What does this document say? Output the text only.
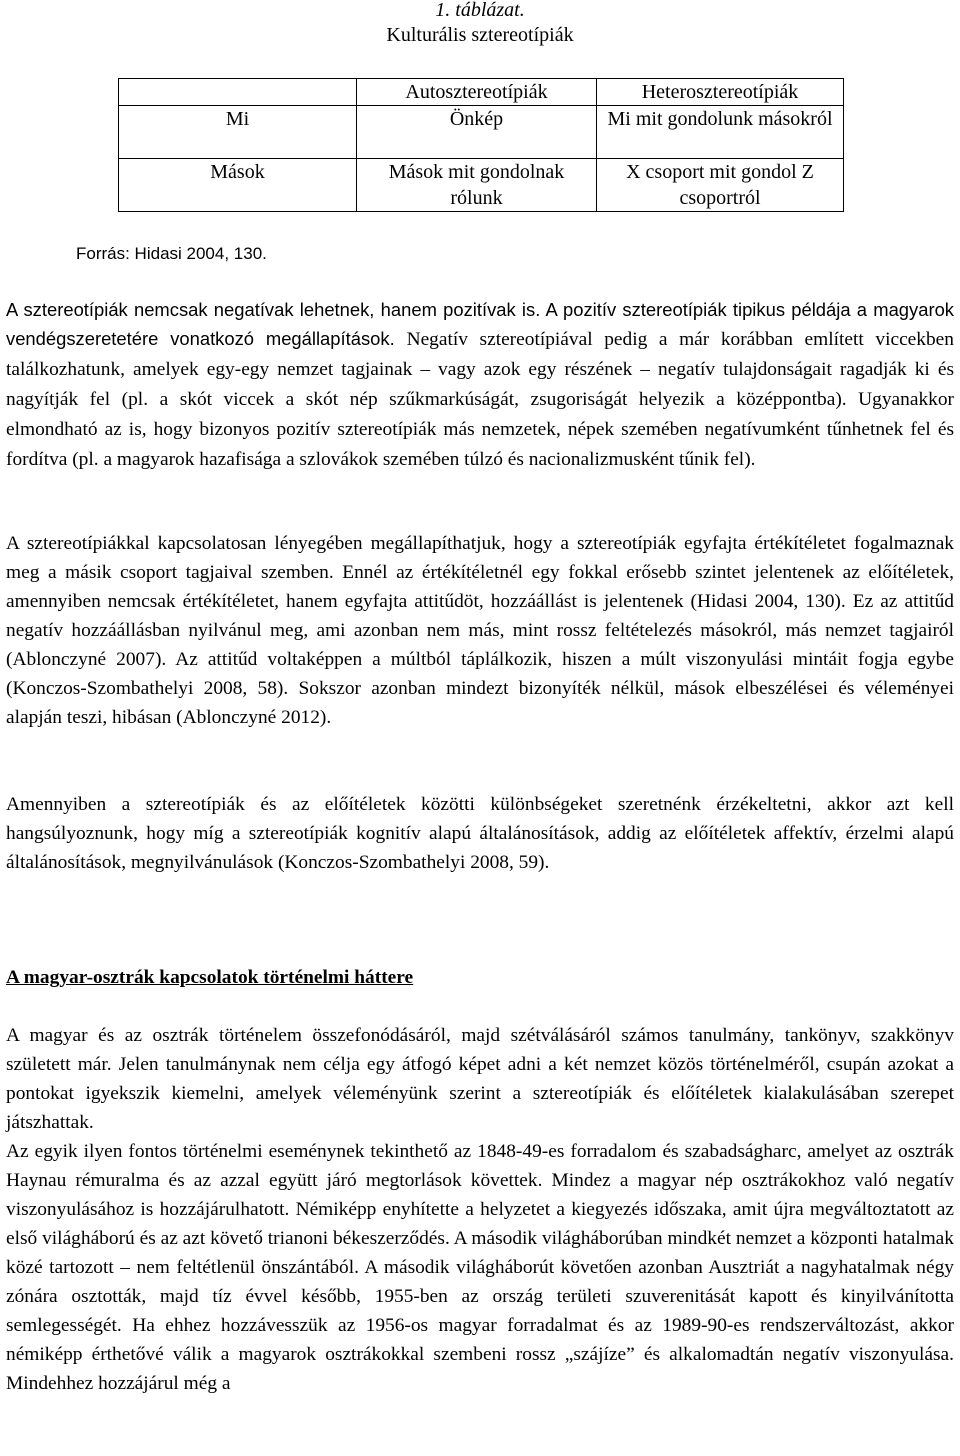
1. táblázat.
Kulturális sztereotípiák
	Autosztereotípiák	Heterosztereotípiák
Mi	Önkép	Mi mit gondolunk másokról
Mások	Mások mit gondolnak rólunk	X csoport mit gondol Z csoportról
Forrás: Hidasi 2004, 130.

A sztereotípiák nemcsak negatívak lehetnek, hanem pozitívak is. A pozitív sztereotípiák tipikus példája a magyarok vendégszeretetére vonatkozó megállapítások. Negatív sztereotípiával pedig a már korábban említett viccekben találkozhatunk, amelyek egy-egy nemzet tagjainak – vagy azok egy részének – negatív tulajdonságait ragadják ki és nagyítják fel (pl. a skót viccek a skót nép szűkmarkúságát, zsugoriságát helyezik a középpontba). Ugyanakkor elmondható az is, hogy bizonyos pozitív sztereotípiák más nemzetek, népek szemében negatívumként tűnhetnek fel és fordítva (pl. a magyarok hazafisága a szlovákok szemében túlzó és nacionalizmusként tűnik fel).

A sztereotípiákkal kapcsolatosan lényegében megállapíthatjuk, hogy a sztereotípiák egyfajta értékítéletet fogalmaznak meg a másik csoport tagjaival szemben. Ennél az értékítéletnél egy fokkal erősebb szintet jelentenek az előítéletek, amennyiben nemcsak értékítéletet, hanem egyfajta attitűdöt, hozzáállást is jelentenek (Hidasi 2004, 130). Ez az attitűd negatív hozzáállásban nyilvánul meg, ami azonban nem más, mint rossz feltételezés másokról, más nemzet tagjairól (Ablonczyné 2007). Az attitűd voltaképpen a múltból táplálkozik, hiszen a múlt viszonyulási mintáit fogja egybe (Konczos-Szombathelyi 2008, 58). Sokszor azonban mindezt bizonyíték nélkül, mások elbeszélései és véleményei alapján teszi, hibásan (Ablonczyné 2012).

Amennyiben a sztereotípiák és az előítéletek közötti különbségeket szeretnénk érzékeltetni, akkor azt kell hangsúlyoznunk, hogy míg a sztereotípiák kognitív alapú általánosítások, addig az előítéletek affektív, érzelmi alapú általánosítások, megnyilvánulások (Konczos-Szombathelyi 2008, 59).

A magyar-osztrák kapcsolatok történelmi háttere

A magyar és az osztrák történelem összefonódásáról, majd szétválásáról számos tanulmány, tankönyv, szakkönyv született már. Jelen tanulmánynak nem célja egy átfogó képet adni a két nemzet közös történelméről, csupán azokat a pontokat igyekszik kiemelni, amelyek véleményünk szerint a sztereotípiák és előítéletek kialakulásában szerepet játszhattak.

Az egyik ilyen fontos történelmi eseménynek tekinthető az 1848-49-es forradalom és szabadságharc, amelyet az osztrák Haynau rémuralma és az azzal együtt járó megtorlások követtek. Mindez a magyar nép osztrákokhoz való negatív viszonyulásához is hozzájárulhatott. Némiképp enyhítette a helyzetet a kiegyezés időszaka, amit újra megváltoztatott az első világháború és az azt követő trianoni békeszerződés. A második világháborúban mindkét nemzet a központi hatalmak közé tartozott – nem feltétlenül önszántából. A második világháborút követően azonban Ausztriát a nagyhatalmak négy zónára osztották, majd tíz évvel később, 1955-ben az ország területi szuverenitását kapott és kinyilvánította semlegességét. Ha ehhez hozzávesszük az 1956-os magyar forradalmat és az 1989-90-es rendszerváltozást, akkor némiképp érthetővé válik a magyarok osztrákokkal szembeni rossz „szájíze” és alkalomadtán negatív viszonyulása. Mindehhez hozzájárul még a
